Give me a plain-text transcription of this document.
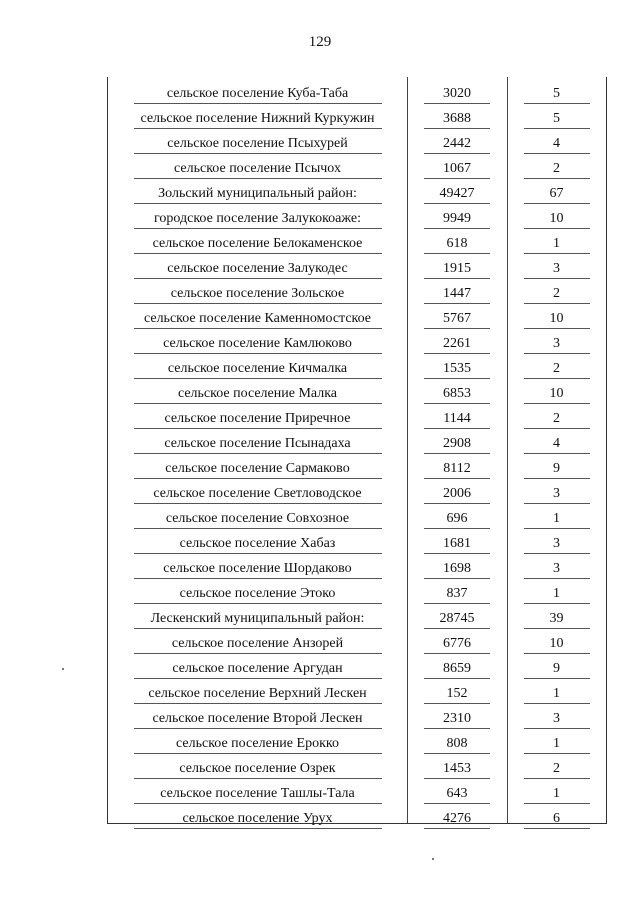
129
сельское поселение Куба-Таба	3020	5
сельское поселение Нижний Куркужин	3688	5
сельское поселение Псыхурей	2442	4
сельское поселение Псычох	1067	2
Зольский муниципальный район:	49427	67
городское поселение Залукокоаже:	9949	10
сельское поселение Белокаменское	618	1
сельское поселение Залукодес	1915	3
сельское поселение Зольское	1447	2
сельское поселение Каменномостское	5767	10
сельское поселение Камлюково	2261	3
сельское поселение Кичмалка	1535	2
сельское поселение Малка	6853	10
сельское поселение Приречное	1144	2
сельское поселение Псынадаха	2908	4
сельское поселение Сармаково	8112	9
сельское поселение Светловодское	2006	3
сельское поселение Совхозное	696	1
сельское поселение Хабаз	1681	3
сельское поселение Шордаково	1698	3
сельское поселение Этоко	837	1
Лескенский муниципальный район:	28745	39
сельское поселение Анзорей	6776	10
сельское поселение Аргудан	8659	9
сельское поселение Верхний Лескен	152	1
сельское поселение Второй Лескен	2310	3
сельское поселение Ерокко	808	1
сельское поселение Озрек	1453	2
сельское поселение Ташлы-Тала	643	1
сельское поселение Урух	4276	6
